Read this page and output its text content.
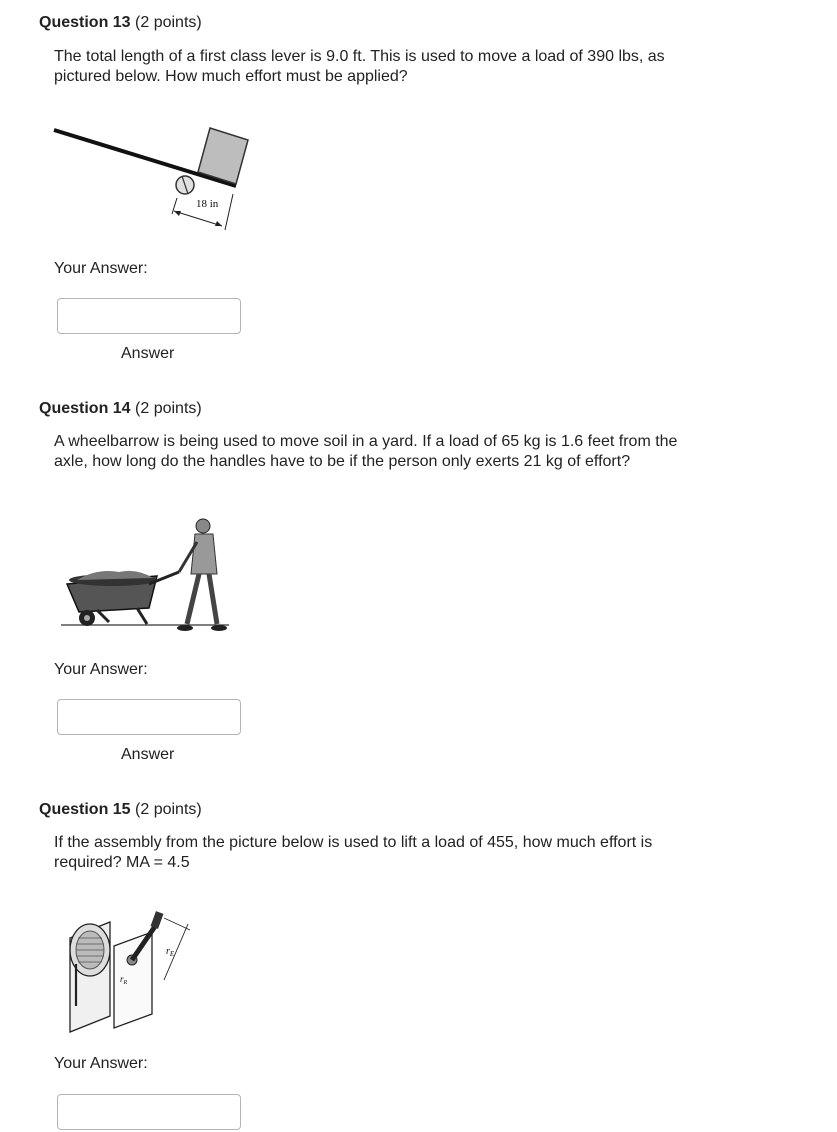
Question 13 (2 points)
The total length of a first class lever is 9.0 ft. This is used to move a load of 390 lbs, as pictured below. How much effort must be applied?
18 in
Your Answer:
Answer
Question 14 (2 points)
A wheelbarrow is being used to move soil in a yard. If a load of 65 kg is 1.6 feet from the axle, how long do the handles have to be if the person only exerts 21 kg of effort?
Your Answer:
Answer
Question 15 (2 points)
If the assembly from the picture below is used to lift a load of 455, how much effort is required? MA = 4.5
$r_E$
$r_R$
Your Answer:
